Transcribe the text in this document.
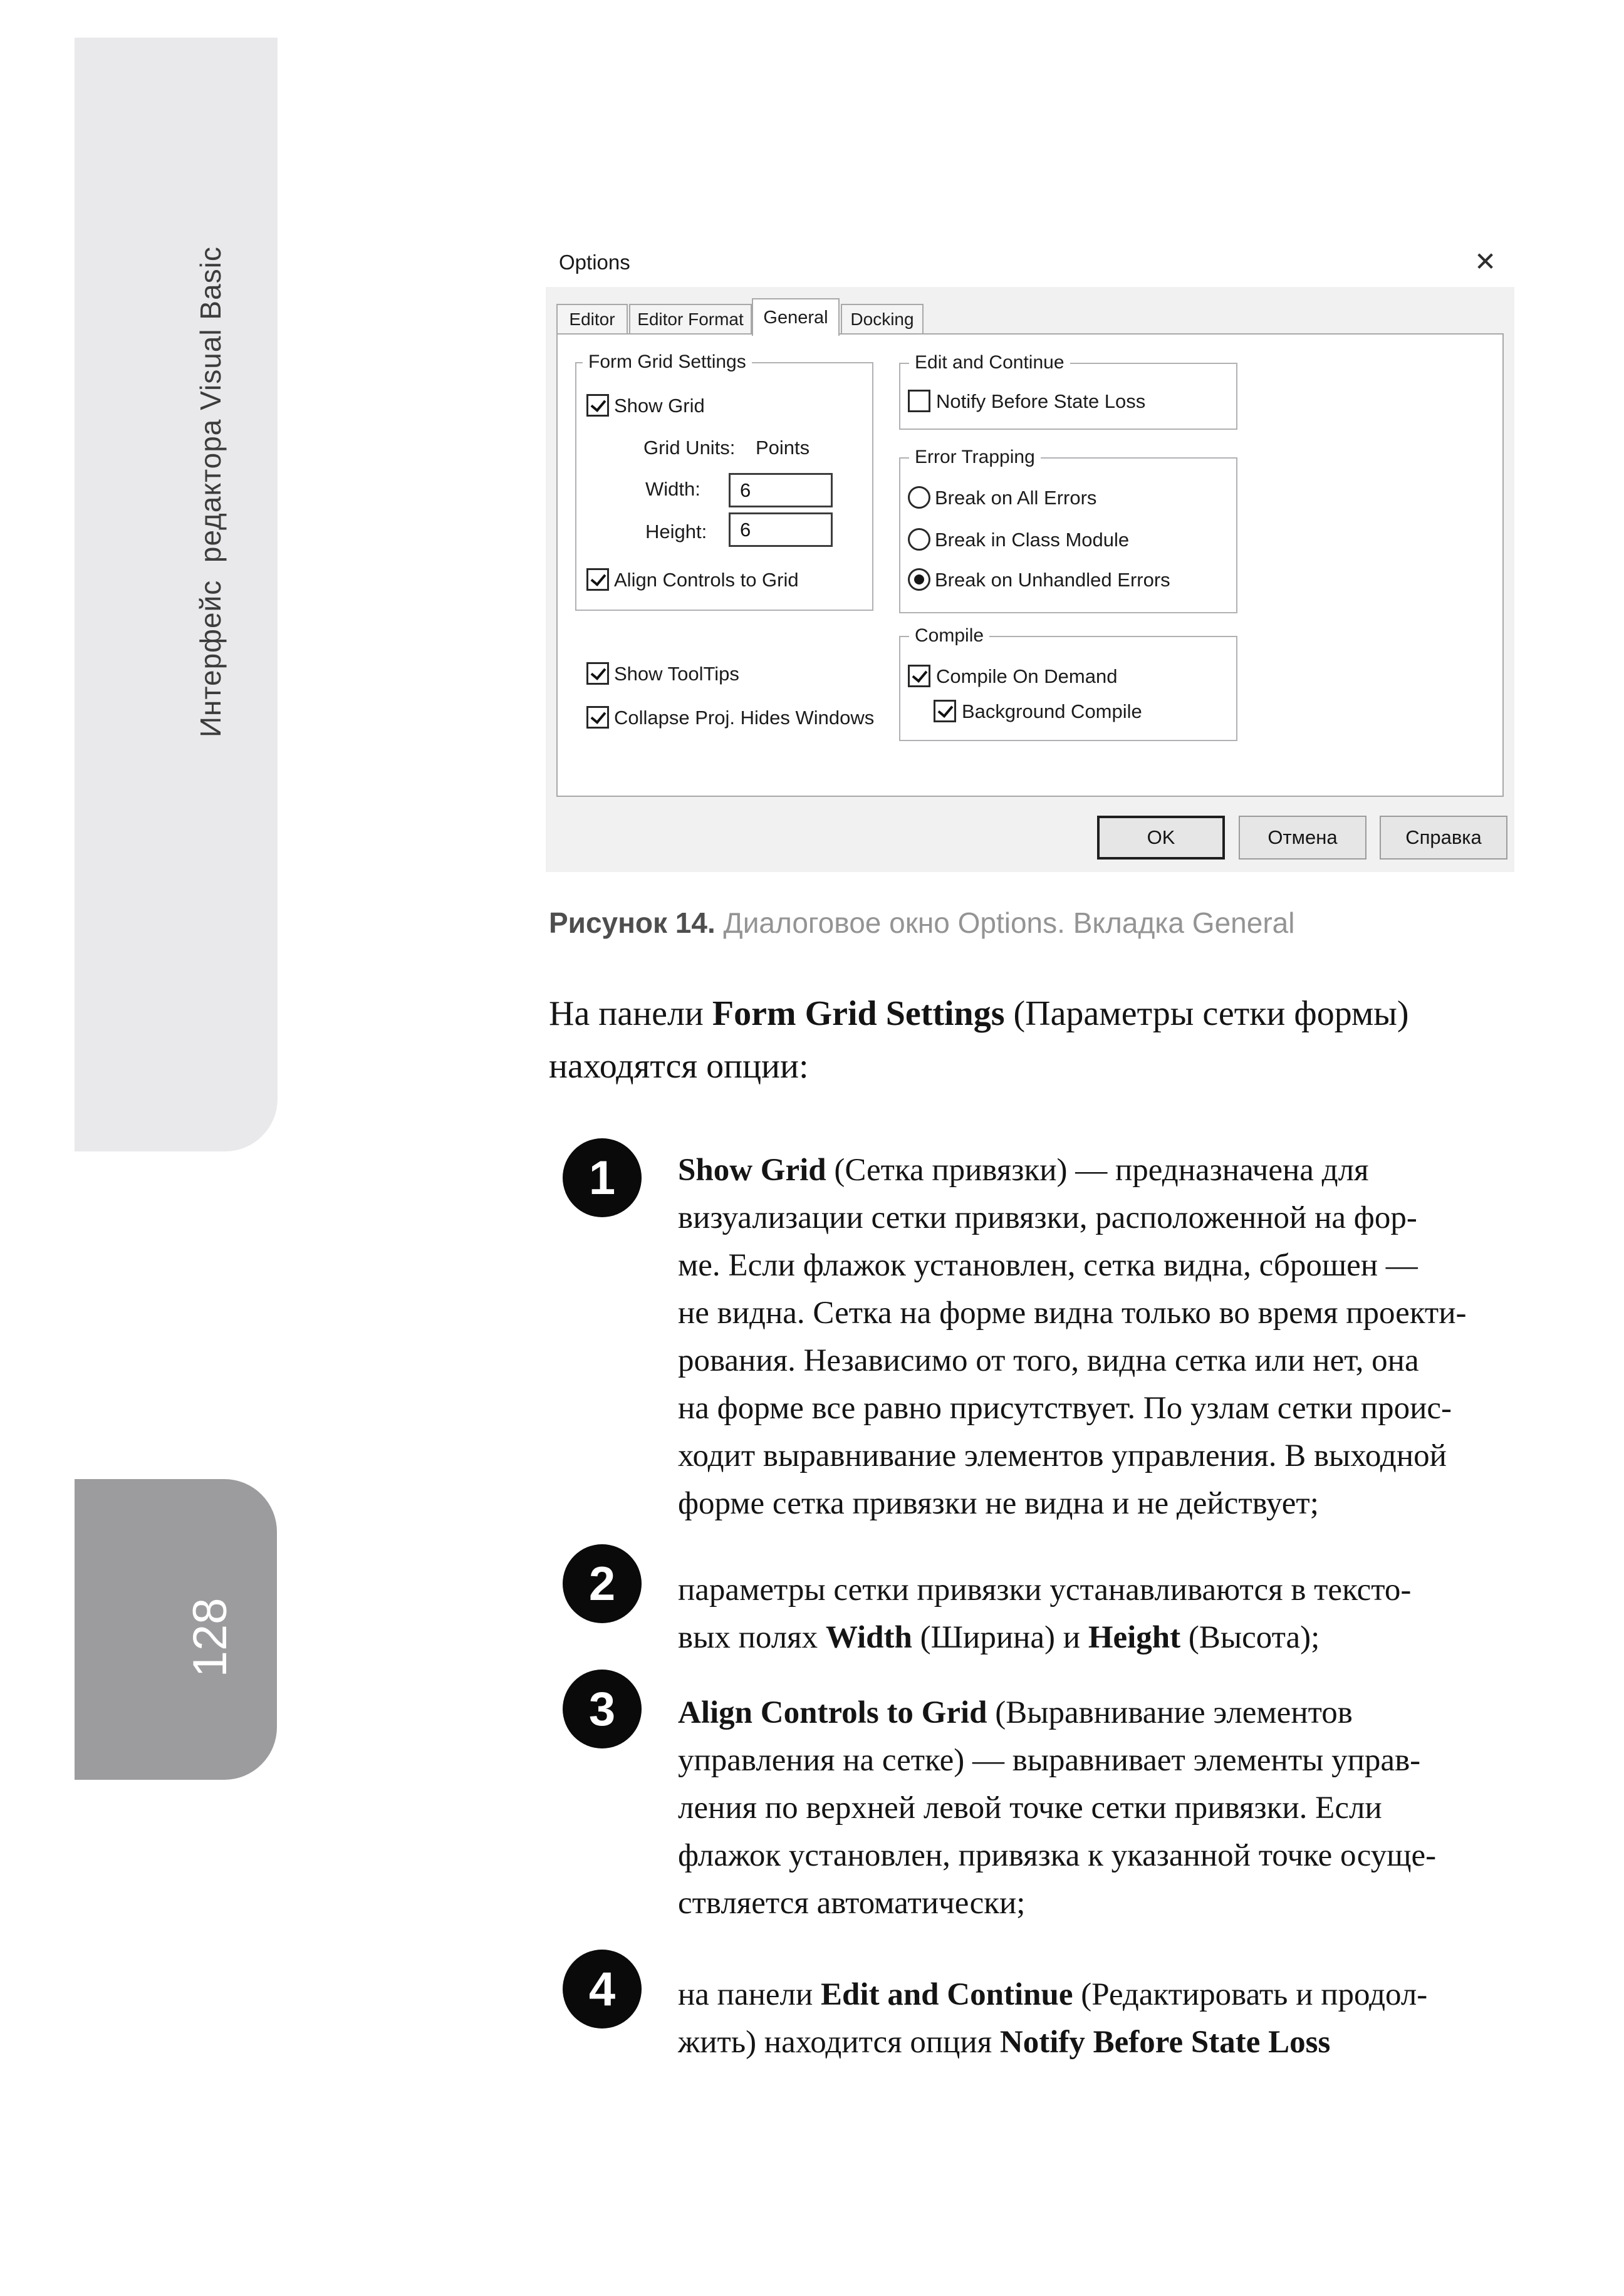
Интерфейс  редактора Visual Basic
128
Options	✕
Editor	Editor Format	General	Docking
Form Grid Settings
Show Grid
Grid Units: Points
Width:	6
Height:	6
Align Controls to Grid
Show ToolTips
Collapse Proj. Hides Windows
Edit and Continue
Notify Before State Loss
Error Trapping
Break on All Errors
Break in Class Module
Break on Unhandled Errors
Compile
Compile On Demand
Background Compile
OK	Отмена	Справка
Рисунок 14. Диалоговое окно Options. Вкладка General
На панели Form Grid Settings (Параметры сетки формы)
находятся опции:
1	Show Grid (Сетка привязки) — предназначена для
визуализации сетки привязки, расположенной на фор-
ме. Если флажок установлен, сетка видна, сброшен —
не видна. Сетка на форме видна только во время проекти-
рования. Независимо от того, видна сетка или нет, она
на форме все равно присутствует. По узлам сетки проис-
ходит выравнивание элементов управления. В выходной
форме сетка привязки не видна и не действует;
2	параметры сетки привязки устанавливаются в тексто-
вых полях Width (Ширина) и Height (Высота);
3	Align Controls to Grid (Выравнивание элементов
управления на сетке) — выравнивает элементы управ-
ления по верхней левой точке сетки привязки. Если
флажок установлен, привязка к указанной точке осуще-
ствляется автоматически;
4	на панели Edit and Continue (Редактировать и продол-
жить) находится опция Notify Before State Loss
